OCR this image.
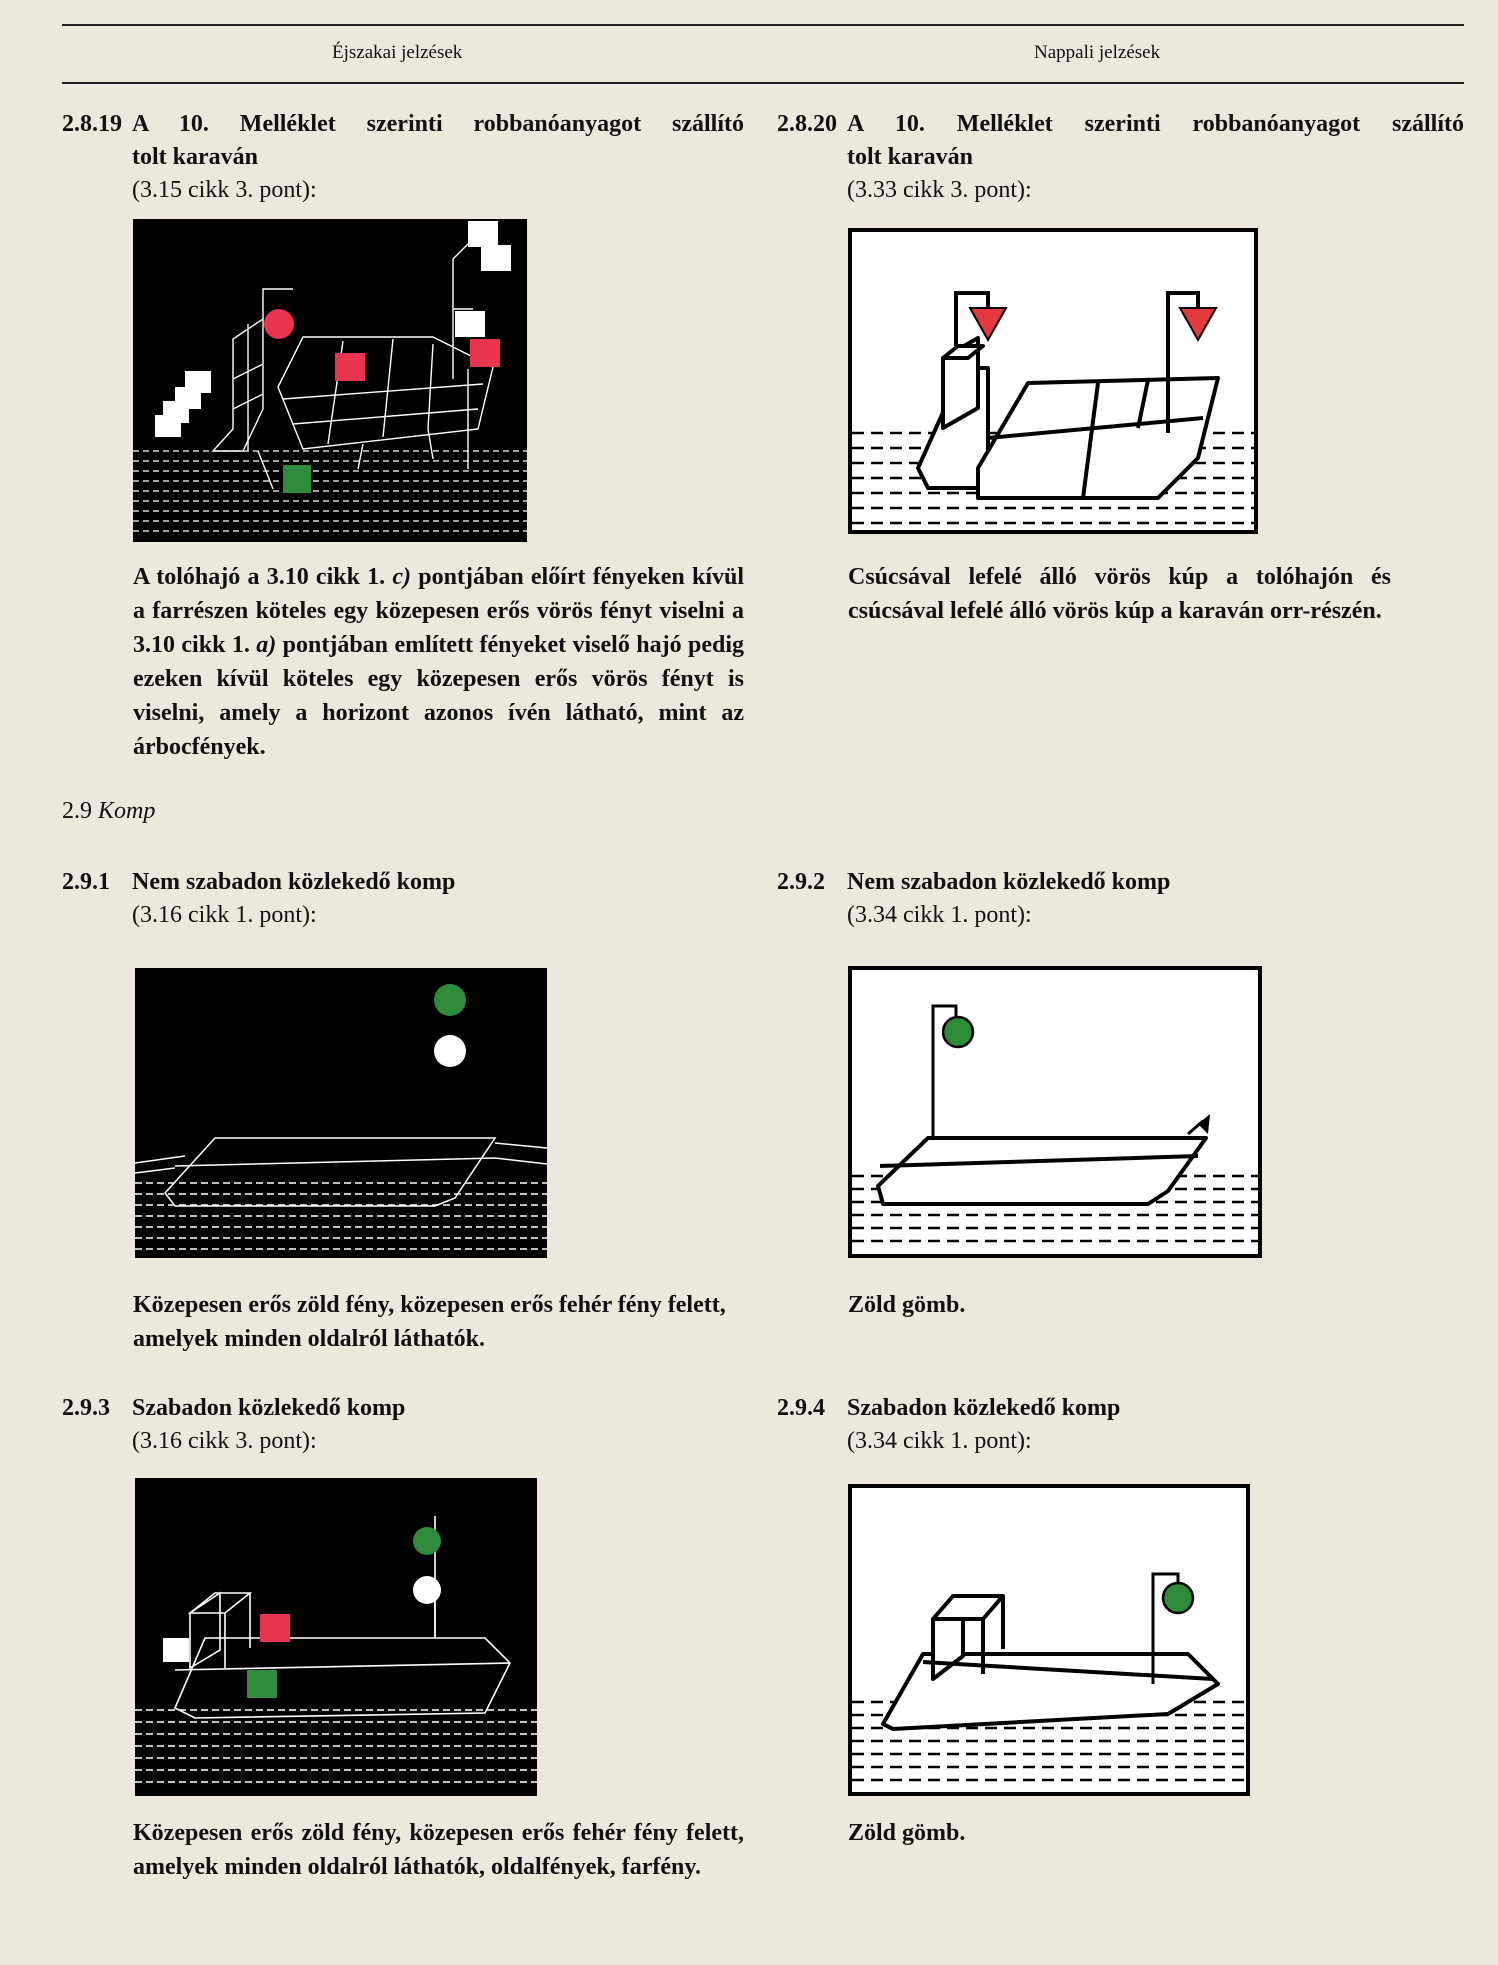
Éjszakai jelzések	Nappali jelzések
2.8.19 A 10. Melléklet szerinti robbanóanyagot szállító
tolt karaván
(3.15 cikk 3. pont):
A tolóhajó a 3.10 cikk 1. c) pontjában előírt fényeken kívül a farrészen köteles egy közepesen erős vörös fényt viselni a 3.10 cikk 1. a) pontjában említett fényeket viselő hajó pedig ezeken kívül köteles egy közepesen erős vörös fényt is viselni, amely a horizont azonos ívén látható, mint az árbocfények.
2.8.20 A 10. Melléklet szerinti robbanóanyagot szállító
tolt karaván
(3.33 cikk 3. pont):
Csúcsával lefelé álló vörös kúp a tolóhajón és csúcsával lefelé álló vörös kúp a karaván orr-részén.
2.9 Komp
2.9.1 Nem szabadon közlekedő komp
(3.16 cikk 1. pont):
Közepesen erős zöld fény, közepesen erős fehér fény felett, amelyek minden oldalról láthatók.
2.9.2 Nem szabadon közlekedő komp
(3.34 cikk 1. pont):
Zöld gömb.
2.9.3 Szabadon közlekedő komp
(3.16 cikk 3. pont):
Közepesen erős zöld fény, közepesen erős fehér fény felett, amelyek minden oldalról láthatók, oldalfények, farfény.
2.9.4 Szabadon közlekedő komp
(3.34 cikk 1. pont):
Zöld gömb.
